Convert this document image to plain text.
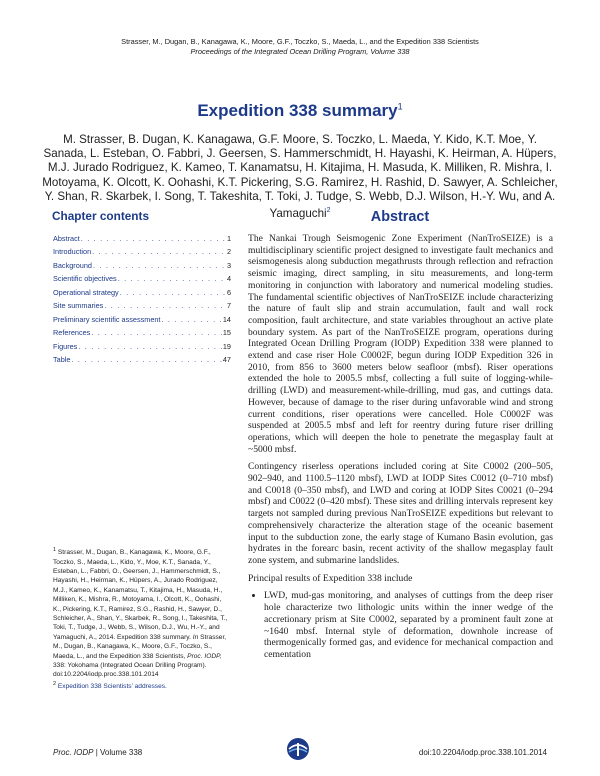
Strasser, M., Dugan, B., Kanagawa, K., Moore, G.F., Toczko, S., Maeda, L., and the Expedition 338 Scientists
Proceedings of the Integrated Ocean Drilling Program, Volume 338
Expedition 338 summary$^1$
M. Strasser, B. Dugan, K. Kanagawa, G.F. Moore, S. Toczko, L. Maeda, Y. Kido, K.T. Moe, Y. Sanada, L. Esteban, O. Fabbri, J. Geersen, S. Hammerschmidt, H. Hayashi, K. Heirman, A. Hüpers, M.J. Jurado Rodriguez, K. Kameo, T. Kanamatsu, H. Kitajima, H. Masuda, K. Milliken, R. Mishra, I. Motoyama, K. Olcott, K. Oohashi, K.T. Pickering, S.G. Ramirez, H. Rashid, D. Sawyer, A. Schleicher, Y. Shan, R. Skarbek, I. Song, T. Takeshita, T. Toki, J. Tudge, S. Webb, D.J. Wilson, H.-Y. Wu, and A. Yamaguchi$^2$
Chapter contents
Abstract . . .	1
Introduction . . .	2
Background . . .	3
Scientific objectives . . .	4
Operational strategy . . .	6
Site summaries . . .	7
Preliminary scientific assessment . . .	14
References . . .	15
Figures . . .	19
Table . . .	47
$^1$ Strasser, M., Dugan, B., Kanagawa, K., Moore, G.F., Toczko, S., Maeda, L., Kido, Y., Moe, K.T., Sanada, Y., Esteban, L., Fabbri, O., Geersen, J., Hammerschmidt, S., Hayashi, H., Heirman, K., Hüpers, A., Jurado Rodriguez, M.J., Kameo, K., Kanamatsu, T., Kitajima, H., Masuda, H., Milliken, K., Mishra, R., Motoyama, I., Olcott, K., Oohashi, K., Pickering, K.T., Ramirez, S.G., Rashid, H., Sawyer, D., Schleicher, A., Shan, Y., Skarbek, R., Song, I., Takeshita, T., Toki, T., Tudge, J., Webb, S., Wilson, D.J., Wu, H.-Y., and Yamaguchi, A., 2014. Expedition 338 summary. In Strasser, M., Dugan, B., Kanagawa, K., Moore, G.F., Toczko, S., Maeda, L., and the Expedition 338 Scientists, Proc. IODP, 338: Yokohama (Integrated Ocean Drilling Program).
doi:10.2204/iodp.proc.338.101.2014
$^2$ Expedition 338 Scientists’ addresses.
Abstract

The Nankai Trough Seismogenic Zone Experiment (NanTroSEIZE) is a multidisciplinary scientific project designed to investigate fault mechanics and seismogenesis along subduction megathrusts through reflection and refraction seismic imaging, direct sampling, in situ measurements, and long-term monitoring in conjunction with laboratory and numerical modeling studies. The fundamental scientific objectives of NanTroSEIZE include characterizing the nature of fault slip and strain accumulation, fault and wall rock composition, fault architecture, and state variables throughout an active plate boundary system. As part of the NanTroSEIZE program, operations during Integrated Ocean Drilling Program (IODP) Expedition 338 were planned to extend and case riser Hole C0002F, begun during IODP Expedition 326 in 2010, from 856 to 3600 meters below seafloor (mbsf). Riser operations extended the hole to 2005.5 mbsf, collecting a full suite of logging-while-drilling (LWD) and measurement-while-drilling, mud gas, and cuttings data. However, because of damage to the riser during unfavorable wind and strong current conditions, riser operations were cancelled. Hole C0002F was suspended at 2005.5 mbsf and left for reentry during future riser drilling operations, which will deepen the hole to penetrate the megasplay fault at ~5000 mbsf.

Contingency riserless operations included coring at Site C0002 (200–505, 902–940, and 1100.5–1120 mbsf), LWD at IODP Sites C0012 (0–710 mbsf) and C0018 (0–350 mbsf), and LWD and coring at IODP Sites C0021 (0–294 mbsf) and C0022 (0–420 mbsf). These sites and drilling intervals represent key targets not sampled during previous NanTroSEIZE expeditions but relevant to comprehensively characterize the alteration stage of the oceanic basement input to the subduction zone, the early stage of Kumano Basin evolution, gas hydrates in the forearc basin, recent activity of the shallow megasplay fault zone system, and submarine landslides.

Principal results of Expedition 338 include

• LWD, mud-gas monitoring, and analyses of cuttings from the deep riser hole characterize two lithologic units within the inner wedge of the accretionary prism at Site C0002, separated by a prominent fault zone at ~1640 mbsf. Internal style of deformation, downhole increase of thermogenically formed gas, and evidence for mechanical compaction and cementation
Proc. IODP | Volume 338	doi:10.2204/iodp.proc.338.101.2014
